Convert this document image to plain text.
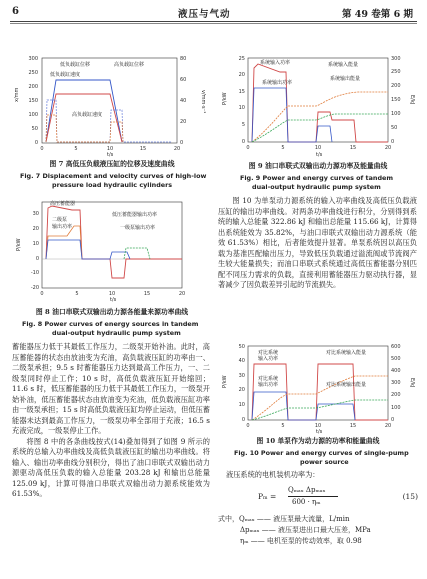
6	液压与气动	第 49 卷第 6 期
x/mm	v/mm·s⁻¹
t/s
0
50
100
150
200
250
300
0
20
40
60
80
0	5	10	15	20
低负载缸位移	高负载缸位移
低负载缸速度
高负载缸速度
图 7 高低压负载液压缸的位移及速度曲线
Fig. 7 Displacement and velocity curves of high-low
pressure load hydraulic cylinders
P/kW
t/s
-20
-10
0
10
20
30
0	5	10	15	20
高压蓄能器
二级泵
输出功率
低压蓄能器输出功率
一级泵输出功率
图 8 油口串联式双输出动力源各能量来源功率曲线
Fig. 8 Power curves of energy sources in tandem
dual-output hydraulic pump system

蓄能器压力低于其最低工作压力，二级泵开始补油。此时，高压蓄能器的状态由放油变为充油，高负载液压缸的功率由一、二级泵承担；9.5 s 时蓄能器压力达到最高工作压力，一、二级泵同时停止工作；10 s 时，高低负载液压缸开始缩回；11.6 s 时，低压蓄能器的压力低于其最低工作压力，一级泵开始补油，低压蓄能器状态由放油变为充油，低负载液压缸功率由一级泵承担；15 s 时高低负载液压缸均停止运动，但低压蓄能器未达到最高工作压力，一级泵功率全部用于充液；16.5 s 充液完成，一级泵停止工作。

将图 8 中的各条曲线按式(14)叠加得到了如图 9 所示的系统的总输入功率曲线及高低负载液压缸的输出功率曲线。将输入、输出功率曲线分别积分，得出了油口串联式双输出动力源驱动高低压负载的输入总能量 203.28 kJ 和输出总能量 125.09 kJ，计算可得油口串联式双输出动力源系统能效为 61.53%。

P/kW	E/kJ
t/s
0
5
10
15
20
25
0
50
100
150
200
250
300
0	5	10	15	20
系统输入功率
系统输出功率
系统输入能量
系统输出能量
图 9 油口串联式双输出动力源功率及能量曲线
Fig. 9 Power and energy curves of tandem
dual-output hydraulic pump system

图 10 为单泵动力源系统的输入功率曲线及高低压负载液压缸的输出功率曲线。对两条功率曲线进行积分，分别得到系统的输入总能量 322.86 kJ 和输出总能量 115.66 kJ，计算得出系统能效为 35.82%，与油口串联式双输出动力源系统（能效 61.53%）相比，后者能效提升显著。单泵系统因以高压负载为基准匹配输出压力，导致低压负载通过溢流阀或节流阀产生较大能量损失；而油口串联式系统通过高低压蓄能器分别匹配不同压力需求的负载，直接利用蓄能器压力驱动执行器，显著减少了因负载差异引起的节流损失。

P/kW	E/kJ
t/s
0
10
20
30
40
50
0
100
200
300
400
500
600
0	5	10	15	20
对比系统
输入功率
对比系统输入能量
对比系统输出能量
对比系统
输出功率
图 10 单泵作为动力源的功率和能量曲线
Fig. 10 Power and energy curves of single-pump
power source
液压系统的电机装机功率为：
Pₘ =
Qₘₐₓ Δpₘₐₓ
600 · ηₘ
(15)
式中，Qₘₐₓ —— 液压泵最大流量，L/min
Δpₘₐₓ —— 液压泵进出口最大压差，MPa
ηₘ —— 电机至泵的传动效率，取 0.98
